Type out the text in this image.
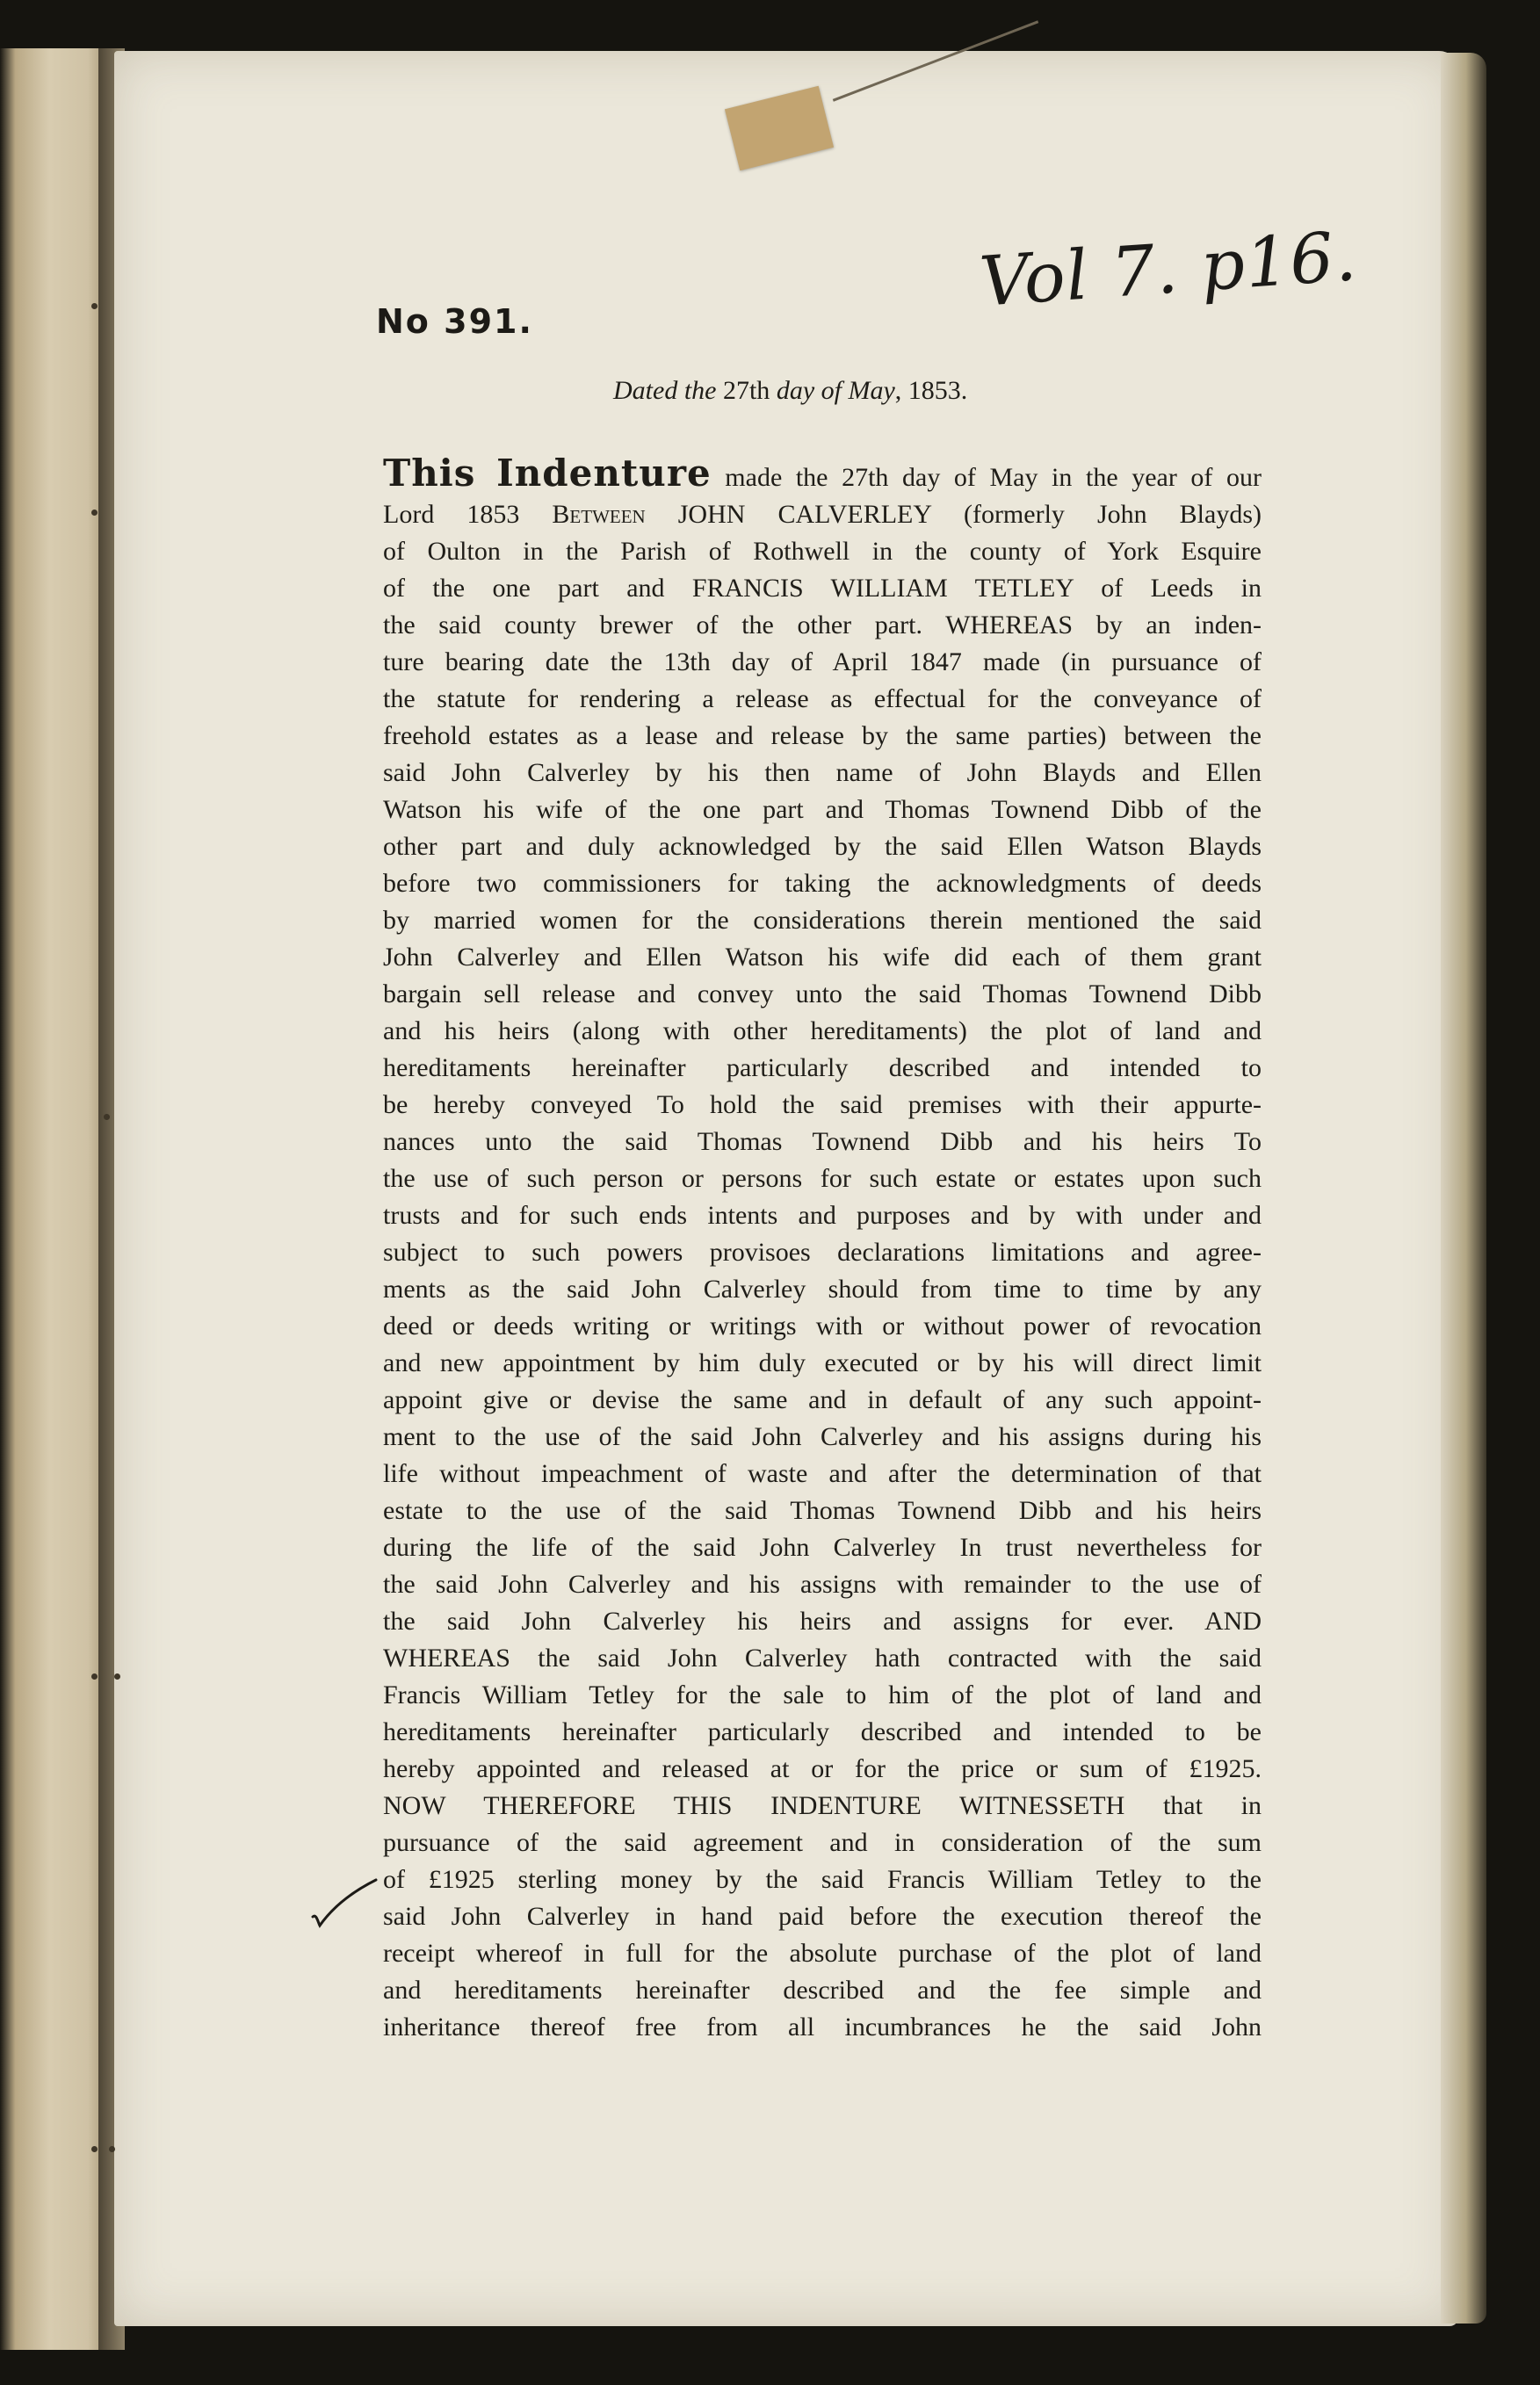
No 391.	Vol 7. p16.
Dated the 27th day of May, 1853.
This Indenture made the 27th day of May in the year of our
Lord 1853 Between JOHN CALVERLEY (formerly John Blayds)
of Oulton in the Parish of Rothwell in the county of York Esquire
of the one part and FRANCIS WILLIAM TETLEY of Leeds in
the said county brewer of the other part. WHEREAS by an inden-
ture bearing date the 13th day of April 1847 made (in pursuance of
the statute for rendering a release as effectual for the conveyance of
freehold estates as a lease and release by the same parties) between the
said John Calverley by his then name of John Blayds and Ellen
Watson his wife of the one part and Thomas Townend Dibb of the
other part and duly acknowledged by the said Ellen Watson Blayds
before two commissioners for taking the acknowledgments of deeds
by married women for the considerations therein mentioned the said
John Calverley and Ellen Watson his wife did each of them grant
bargain sell release and convey unto the said Thomas Townend Dibb
and his heirs (along with other hereditaments) the plot of land and
hereditaments hereinafter particularly described and intended to
be hereby conveyed To hold the said premises with their appurte-
nances unto the said Thomas Townend Dibb and his heirs To
the use of such person or persons for such estate or estates upon such
trusts and for such ends intents and purposes and by with under and
subject to such powers provisoes declarations limitations and agree-
ments as the said John Calverley should from time to time by any
deed or deeds writing or writings with or without power of revocation
and new appointment by him duly executed or by his will direct limit
appoint give or devise the same and in default of any such appoint-
ment to the use of the said John Calverley and his assigns during his
life without impeachment of waste and after the determination of that
estate to the use of the said Thomas Townend Dibb and his heirs
during the life of the said John Calverley In trust nevertheless for
the said John Calverley and his assigns with remainder to the use of
the said John Calverley his heirs and assigns for ever. AND
WHEREAS the said John Calverley hath contracted with the said
Francis William Tetley for the sale to him of the plot of land and
hereditaments hereinafter particularly described and intended to be
hereby appointed and released at or for the price or sum of £1925.
NOW THEREFORE THIS INDENTURE WITNESSETH that in
pursuance of the said agreement and in consideration of the sum
of £1925 sterling money by the said Francis William Tetley to the
said John Calverley in hand paid before the execution thereof the
receipt whereof in full for the absolute purchase of the plot of land
and hereditaments hereinafter described and the fee simple and
inheritance thereof free from all incumbrances he the said John
